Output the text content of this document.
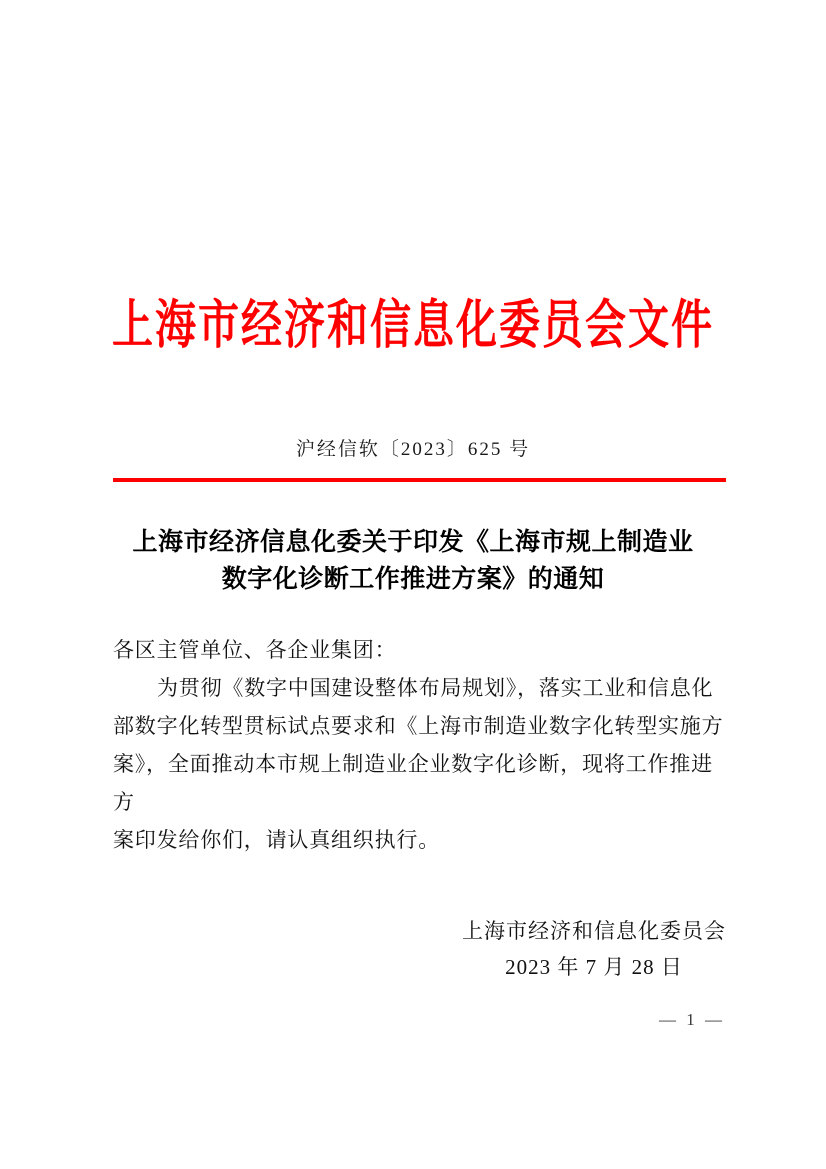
上海市经济和信息化委员会文件
沪经信软〔2023〕625 号
上海市经济信息化委关于印发《上海市规上制造业
数字化诊断工作推进方案》的通知
各区主管单位、各企业集团：
为贯彻《数字中国建设整体布局规划》，落实工业和信息化
部数字化转型贯标试点要求和《上海市制造业数字化转型实施方
案》，全面推动本市规上制造业企业数字化诊断，现将工作推进方
案印发给你们，请认真组织执行。
上海市经济和信息化委员会
2023 年 7 月 28 日
— 1 —
